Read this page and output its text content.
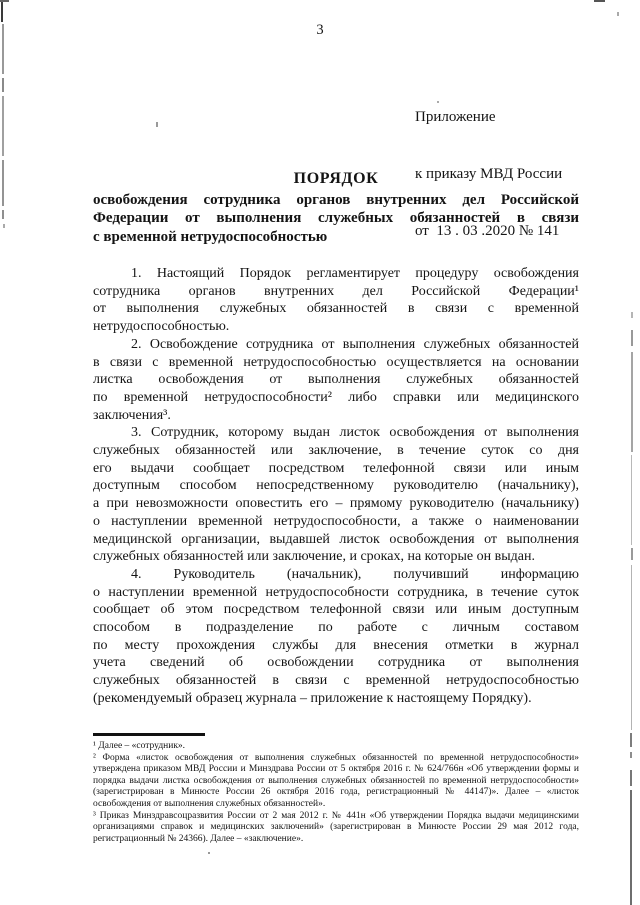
3

Приложение

к приказу МВД России

от  13 . 03 .2020 № 141

ПОРЯДОК
освобождения сотрудника органов внутренних дел Российской
Федерации от выполнения служебных обязанностей в связи
с временной нетрудоспособностью
1. Настоящий Порядок регламентирует процедуру освобождения
сотрудника органов внутренних дел Российской Федерации¹
от выполнения служебных обязанностей в связи с временной
нетрудоспособностью.
2. Освобождение сотрудника от выполнения служебных обязанностей
в связи с временной нетрудоспособностью осуществляется на основании
листка освобождения от выполнения служебных обязанностей
по временной нетрудоспособности² либо справки или медицинского
заключения³.
3. Сотрудник, которому выдан листок освобождения от выполнения
служебных обязанностей или заключение, в течение суток со дня
его выдачи сообщает посредством телефонной связи или иным
доступным способом непосредственному руководителю (начальнику),
а при невозможности оповестить его – прямому руководителю (начальнику)
о наступлении временной нетрудоспособности, а также о наименовании
медицинской организации, выдавшей листок освобождения от выполнения
служебных обязанностей или заключение, и сроках, на которые он выдан.
4. Руководитель (начальник), получивший информацию
о наступлении временной нетрудоспособности сотрудника, в течение суток
сообщает об этом посредством телефонной связи или иным доступным
способом в подразделение по работе с личным составом
по месту прохождения службы для внесения отметки в журнал
учета сведений об освобождении сотрудника от выполнения
служебных обязанностей в связи с временной нетрудоспособностью
(рекомендуемый образец журнала – приложение к настоящему Порядку).
¹ Далее – «сотрудник».
² Форма «листок освобождения от выполнения служебных обязанностей по временной нетрудоспособности»
утверждена приказом МВД России и Минздрава России от 5 октября 2016 г. № 624/766н «Об утверждении формы и
порядка выдачи листка освобождения от выполнения служебных обязанностей по временной нетрудоспособности»
(зарегистрирован в Минюсте России 26 октября 2016 года, регистрационный № 44147)». Далее – «листок
освобождения от выполнения служебных обязанностей».
³ Приказ Минздравсоцразвития России от 2 мая 2012 г. № 441н «Об утверждении Порядка выдачи медицинскими
организациями справок и медицинских заключений» (зарегистрирован в Минюсте России 29 мая 2012 года,
регистрационный № 24366). Далее – «заключение».
